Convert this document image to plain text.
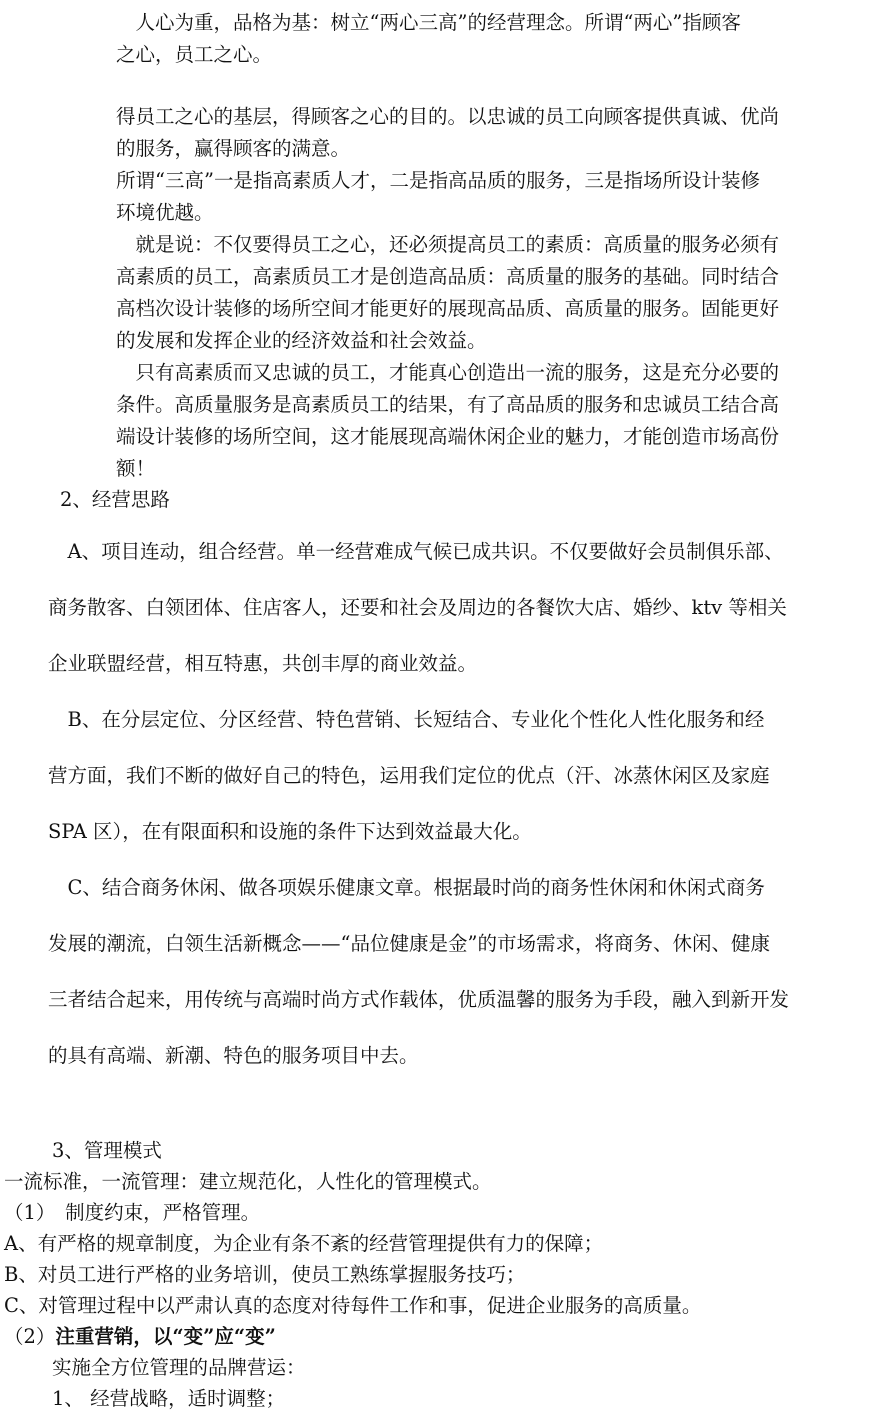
　人心为重，品格为基：树立“两心三高”的经营理念。所谓“两心”指顾客
之心，员工之心。
得员工之心的基层，得顾客之心的目的。以忠诚的员工向顾客提供真诚、优尚
的服务，赢得顾客的满意。
所谓“三高”一是指高素质人才，二是指高品质的服务，三是指场所设计装修
环境优越。
　就是说：不仅要得员工之心，还必须提高员工的素质：高质量的服务必须有
高素质的员工，高素质员工才是创造高品质：高质量的服务的基础。同时结合
高档次设计装修的场所空间才能更好的展现高品质、高质量的服务。固能更好
的发展和发挥企业的经济效益和社会效益。
　只有高素质而又忠诚的员工，才能真心创造出一流的服务，这是充分必要的
条件。高质量服务是高素质员工的结果，有了高品质的服务和忠诚员工结合高
端设计装修的场所空间，这才能展现高端休闲企业的魅力，才能创造市场高份
额！
2、经营思路
　A、项目连动，组合经营。单一经营难成气候已成共识。不仅要做好会员制俱乐部、
商务散客、白领团体、住店客人，还要和社会及周边的各餐饮大店、婚纱、ktv 等相关
企业联盟经营，相互特惠，共创丰厚的商业效益。
　B、在分层定位、分区经营、特色营销、长短结合、专业化个性化人性化服务和经
营方面，我们不断的做好自己的特色，运用我们定位的优点（汗、冰蒸休闲区及家庭
SPA 区），在有限面积和设施的条件下达到效益最大化。
　C、结合商务休闲、做各项娱乐健康文章。根据最时尚的商务性休闲和休闲式商务
发展的潮流，白领生活新概念——“品位健康是金”的市场需求，将商务、休闲、健康
三者结合起来，用传统与高端时尚方式作载体，优质温馨的服务为手段，融入到新开发
的具有高端、新潮、特色的服务项目中去。
3、管理模式
一流标准，一流管理：建立规范化，人性化的管理模式。
（1）　制度约束，严格管理。
A、有严格的规章制度，为企业有条不紊的经营管理提供有力的保障；
B、对员工进行严格的业务培训，使员工熟练掌握服务技巧；
C、对管理过程中以严肃认真的态度对待每件工作和事，促进企业服务的高质量。
（2）注重营销，以“变”应“变”
实施全方位管理的品牌营运：
1、 经营战略，适时调整；
